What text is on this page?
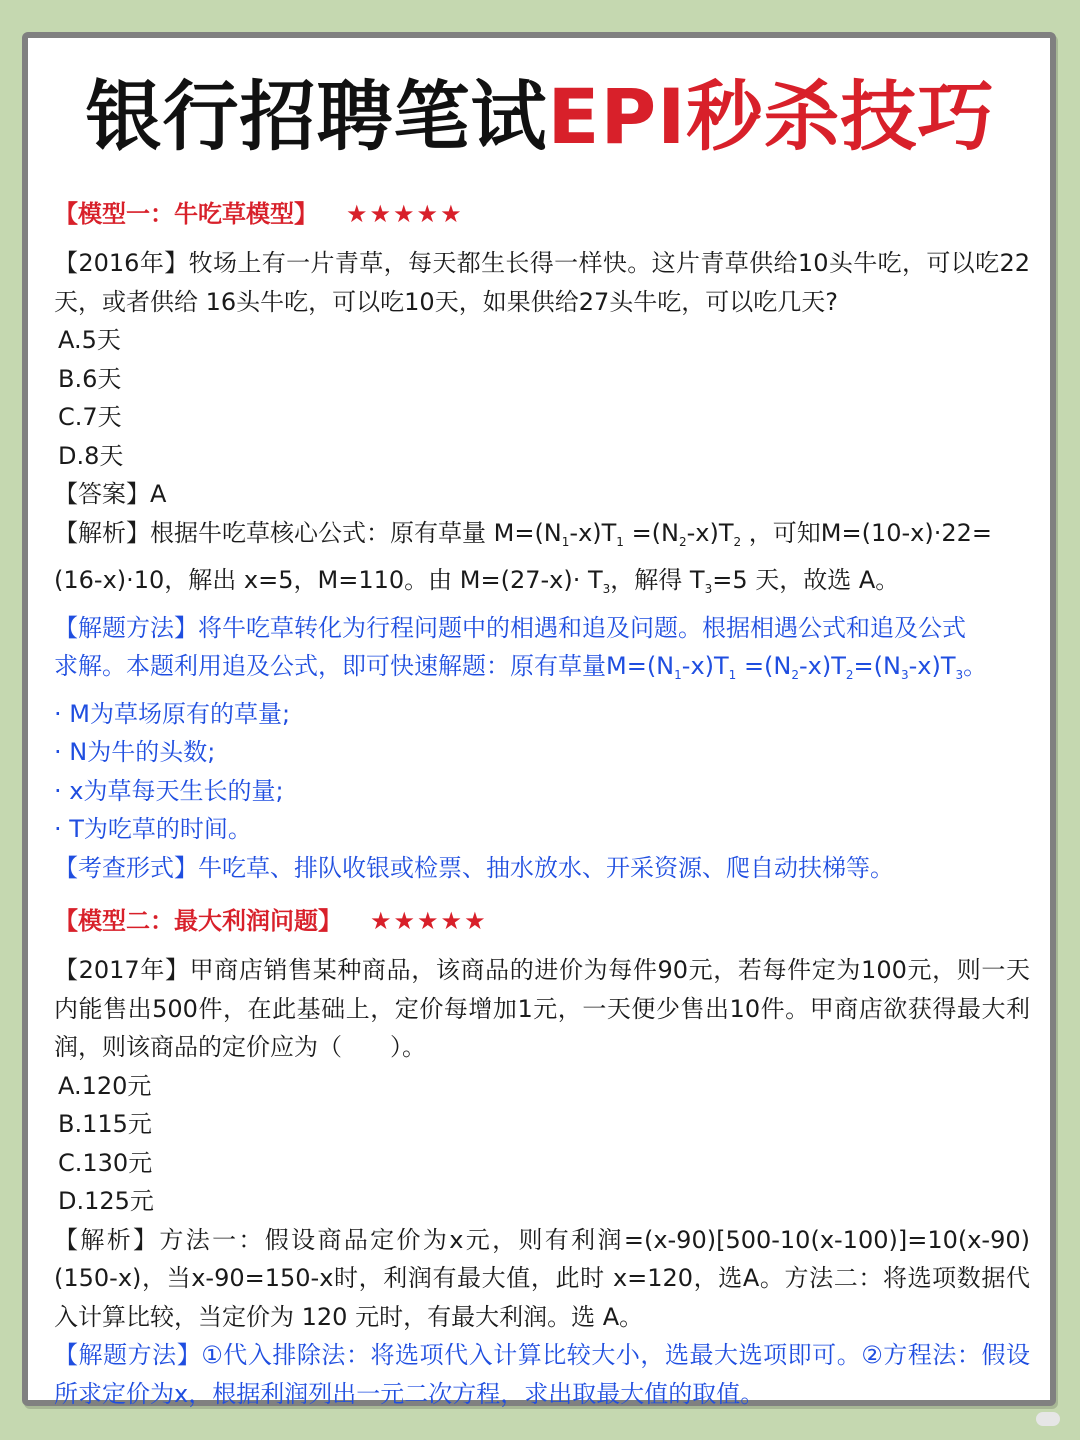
银行招聘笔试EPI秒杀技巧
【模型一：牛吃草模型】 ★★★★★
【2016年】牧场上有一片青草，每天都生长得一样快。这片青草供给10头牛吃，可以吃22天，或者供给 16头牛吃，可以吃10天，如果供给27头牛吃，可以吃几天?
A.5天
B.6天
C.7天
D.8天
【答案】A
【解析】根据牛吃草核心公式：原有草量 $M=(N_1-x)T_1 =(N_2-x)T_2$ ，可知M=(10-x)·22=
(16-x)·10，解出 x=5，M=110。由 $M=(27-x)\cdot T_3$，解得 $T_3=5$ 天，故选 A。
【解题方法】将牛吃草转化为行程问题中的相遇和追及问题。根据相遇公式和追及公式
求解。本题利用追及公式，即可快速解题：原有草量$M=(N_1-x)T_1 =(N_2-x)T_2=(N_3-x)T_3$。
· M为草场原有的草量;
· N为牛的头数;
· x为草每天生长的量;
· T为吃草的时间。
【考查形式】牛吃草、排队收银或检票、抽水放水、开采资源、爬自动扶梯等。
【模型二：最大利润问题】 ★★★★★
【2017年】甲商店销售某种商品，该商品的进价为每件90元，若每件定为100元，则一天内能售出500件，在此基础上，定价每增加1元，一天便少售出10件。甲商店欲获得最大利润，则该商品的定价应为（　　）。
A.120元
B.115元
C.130元
D.125元
【解析】方法一：假设商品定价为x元，则有利润=(x-90)[500-10(x-100)]=10(x-90)(150-x)，当x-90=150-x时，利润有最大值，此时 x=120，选A。方法二：将选项数据代入计算比较，当定价为 120 元时，有最大利润。选 A。
【解题方法】①代入排除法：将选项代入计算比较大小，选最大选项即可。②方程法：假设所求定价为x，根据利润列出一元二次方程，求出取最大值的取值。
